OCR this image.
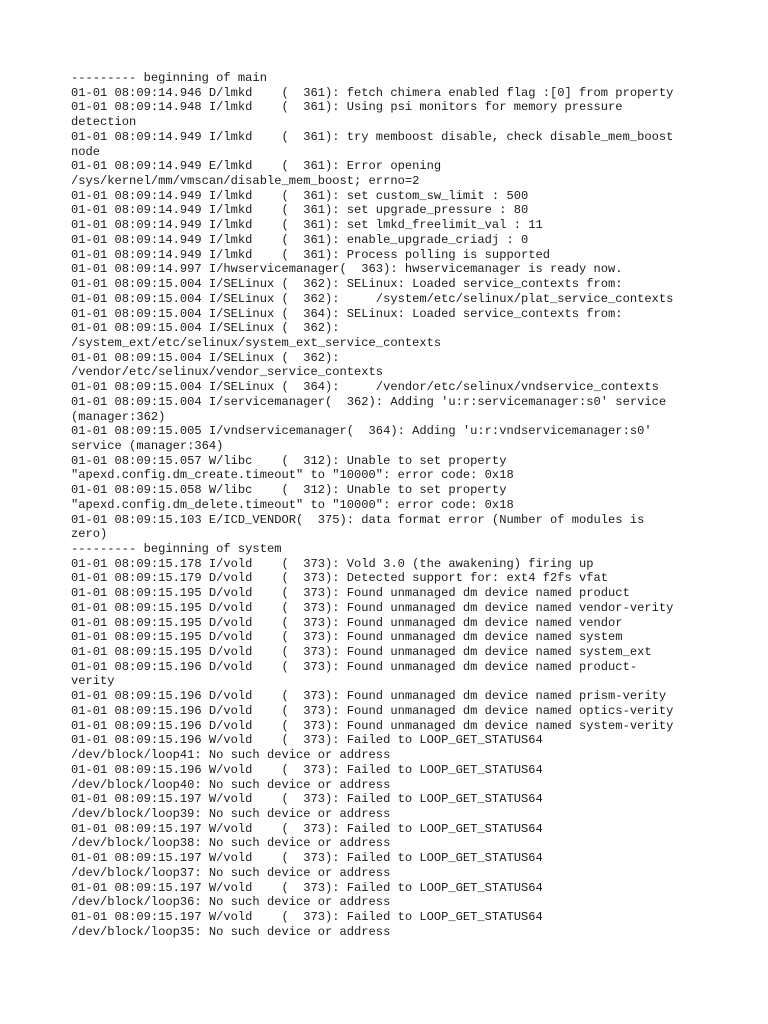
--------- beginning of main
01-01 08:09:14.946 D/lmkd    (  361): fetch chimera enabled flag :[0] from property
01-01 08:09:14.948 I/lmkd    (  361): Using psi monitors for memory pressure
detection
01-01 08:09:14.949 I/lmkd    (  361): try memboost disable, check disable_mem_boost
node
01-01 08:09:14.949 E/lmkd    (  361): Error opening
/sys/kernel/mm/vmscan/disable_mem_boost; errno=2
01-01 08:09:14.949 I/lmkd    (  361): set custom_sw_limit : 500
01-01 08:09:14.949 I/lmkd    (  361): set upgrade_pressure : 80
01-01 08:09:14.949 I/lmkd    (  361): set lmkd_freelimit_val : 11
01-01 08:09:14.949 I/lmkd    (  361): enable_upgrade_criadj : 0
01-01 08:09:14.949 I/lmkd    (  361): Process polling is supported
01-01 08:09:14.997 I/hwservicemanager(  363): hwservicemanager is ready now.
01-01 08:09:15.004 I/SELinux (  362): SELinux: Loaded service_contexts from:
01-01 08:09:15.004 I/SELinux (  362):     /system/etc/selinux/plat_service_contexts
01-01 08:09:15.004 I/SELinux (  364): SELinux: Loaded service_contexts from:
01-01 08:09:15.004 I/SELinux (  362):
/system_ext/etc/selinux/system_ext_service_contexts
01-01 08:09:15.004 I/SELinux (  362):
/vendor/etc/selinux/vendor_service_contexts
01-01 08:09:15.004 I/SELinux (  364):     /vendor/etc/selinux/vndservice_contexts
01-01 08:09:15.004 I/servicemanager(  362): Adding 'u:r:servicemanager:s0' service
(manager:362)
01-01 08:09:15.005 I/vndservicemanager(  364): Adding 'u:r:vndservicemanager:s0'
service (manager:364)
01-01 08:09:15.057 W/libc    (  312): Unable to set property
"apexd.config.dm_create.timeout" to "10000": error code: 0x18
01-01 08:09:15.058 W/libc    (  312): Unable to set property
"apexd.config.dm_delete.timeout" to "10000": error code: 0x18
01-01 08:09:15.103 E/ICD_VENDOR(  375): data format error (Number of modules is
zero)
--------- beginning of system
01-01 08:09:15.178 I/vold    (  373): Vold 3.0 (the awakening) firing up
01-01 08:09:15.179 D/vold    (  373): Detected support for: ext4 f2fs vfat
01-01 08:09:15.195 D/vold    (  373): Found unmanaged dm device named product
01-01 08:09:15.195 D/vold    (  373): Found unmanaged dm device named vendor-verity
01-01 08:09:15.195 D/vold    (  373): Found unmanaged dm device named vendor
01-01 08:09:15.195 D/vold    (  373): Found unmanaged dm device named system
01-01 08:09:15.195 D/vold    (  373): Found unmanaged dm device named system_ext
01-01 08:09:15.196 D/vold    (  373): Found unmanaged dm device named product-
verity
01-01 08:09:15.196 D/vold    (  373): Found unmanaged dm device named prism-verity
01-01 08:09:15.196 D/vold    (  373): Found unmanaged dm device named optics-verity
01-01 08:09:15.196 D/vold    (  373): Found unmanaged dm device named system-verity
01-01 08:09:15.196 W/vold    (  373): Failed to LOOP_GET_STATUS64
/dev/block/loop41: No such device or address
01-01 08:09:15.196 W/vold    (  373): Failed to LOOP_GET_STATUS64
/dev/block/loop40: No such device or address
01-01 08:09:15.197 W/vold    (  373): Failed to LOOP_GET_STATUS64
/dev/block/loop39: No such device or address
01-01 08:09:15.197 W/vold    (  373): Failed to LOOP_GET_STATUS64
/dev/block/loop38: No such device or address
01-01 08:09:15.197 W/vold    (  373): Failed to LOOP_GET_STATUS64
/dev/block/loop37: No such device or address
01-01 08:09:15.197 W/vold    (  373): Failed to LOOP_GET_STATUS64
/dev/block/loop36: No such device or address
01-01 08:09:15.197 W/vold    (  373): Failed to LOOP_GET_STATUS64
/dev/block/loop35: No such device or address
